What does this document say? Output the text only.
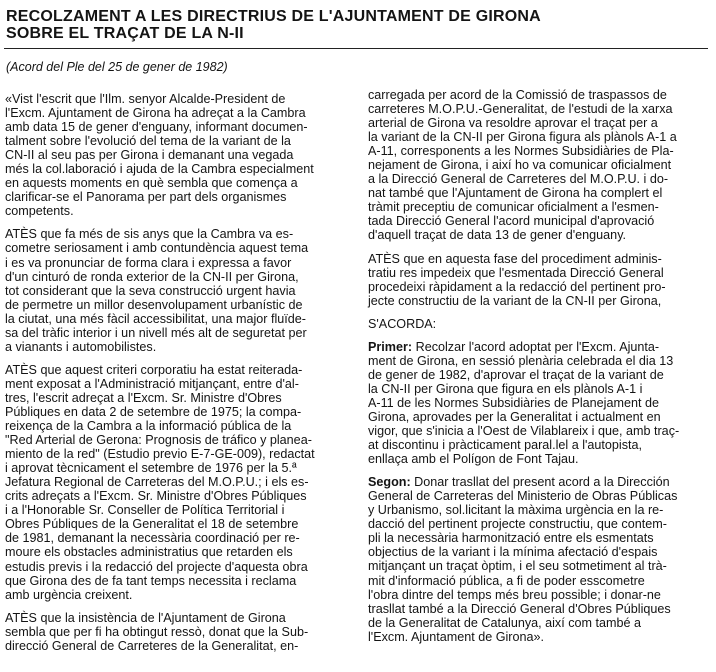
RECOLZAMENT A LES DIRECTRIUS DE L'AJUNTAMENT DE GIRONA
SOBRE EL TRAÇAT DE LA N-II
(Acord del Ple del 25 de gener de 1982)
«Vist l'escrit que l'Ilm. senyor Alcalde-President de
l'Excm. Ajuntament de Girona ha adreçat a la Cambra
amb data 15 de gener d'enguany, informant documen-
talment sobre l'evolució del tema de la variant de la
CN-II al seu pas per Girona i demanant una vegada
més la col.laboració i ajuda de la Cambra especialment
en aquests moments en què sembla que comença a
clarificar-se el Panorama per part dels organismes
competents.
ATÈS que fa més de sis anys que la Cambra va es-
cometre seriosament i amb contundència aquest tema
i es va pronunciar de forma clara i expressa a favor
d'un cinturó de ronda exterior de la CN-II per Girona,
tot considerant que la seva construcció urgent havia
de permetre un millor desenvolupament urbanístic de
la ciutat, una més fàcil accessibilitat, una major fluïde-
sa del tràfic interior i un nivell més alt de seguretat per
a vianants i automobilistes.
ATÈS que aquest criteri corporatiu ha estat reiterada-
ment exposat a l'Administració mitjançant, entre d'al-
tres, l'escrit adreçat a l'Excm. Sr. Ministre d'Obres
Públiques en data 2 de setembre de 1975; la compa-
reixença de la Cambra a la informació pública de la
"Red Arterial de Gerona: Prognosis de tráfico y planea-
miento de la red" (Estudio previo E-7-GE-009), redactat
i aprovat tècnicament el setembre de 1976 per la 5.ª
Jefatura Regional de Carreteras del M.O.P.U.; i els es-
crits adreçats a l'Excm. Sr. Ministre d'Obres Públiques
i a l'Honorable Sr. Conseller de Política Territorial i
Obres Públiques de la Generalitat el 18 de setembre
de 1981, demanant la necessària coordinació per re-
moure els obstacles administratius que retarden els
estudis previs i la redacció del projecte d'aquesta obra
que Girona des de fa tant temps necessita i reclama
amb urgència creixent.
ATÈS que la insistència de l'Ajuntament de Girona
sembla que per fi ha obtingut ressò, donat que la Sub-
direcció General de Carreteres de la Generalitat, en-
carregada per acord de la Comissió de traspassos de
carreteres M.O.P.U.-Generalitat, de l'estudi de la xarxa
arterial de Girona va resoldre aprovar el traçat per a
la variant de la CN-II per Girona figura als plànols A-1 a
A-11, corresponents a les Normes Subsidiàries de Pla-
nejament de Girona, i així ho va comunicar oficialment
a la Direcció General de Carreteres del M.O.P.U. i do-
nat també que l'Ajuntament de Girona ha complert el
tràmit preceptiu de comunicar oficialment a l'esmen-
tada Direcció General l'acord municipal d'aprovació
d'aquell traçat de data 13 de gener d'enguany.
ATÈS que en aquesta fase del procediment adminis-
tratiu res impedeix que l'esmentada Direcció General
procedeixi ràpidament a la redacció del pertinent pro-
jecte constructiu de la variant de la CN-II per Girona,
S'ACORDA:
Primer: Recolzar l'acord adoptat per l'Excm. Ajunta-
ment de Girona, en sessió plenària celebrada el dia 13
de gener de 1982, d'aprovar el traçat de la variant de
la CN-II per Girona que figura en els plànols A-1 i
A-11 de les Normes Subsidiàries de Planejament de
Girona, aprovades per la Generalitat i actualment en
vigor, que s'inicia a l'Oest de Vilablareix i que, amb traç-
at discontinu i pràcticament paral.lel a l'autopista,
enllaça amb el Polígon de Font Tajau.
Segon: Donar trasllat del present acord a la Dirección
General de Carreteras del Ministerio de Obras Públicas
y Urbanismo, sol.licitant la màxima urgència en la re-
dacció del pertinent projecte constructiu, que contem-
pli la necessària harmonització entre els esmentats
objectius de la variant i la mínima afectació d'espais
mitjançant un traçat òptim, i el seu sotmetiment al trà-
mit d'informació pública, a fi de poder esscometre
l'obra dintre del temps més breu possible; i donar-ne
trasllat també a la Direcció General d'Obres Públiques
de la Generalitat de Catalunya, així com també a
l'Excm. Ajuntament de Girona».
